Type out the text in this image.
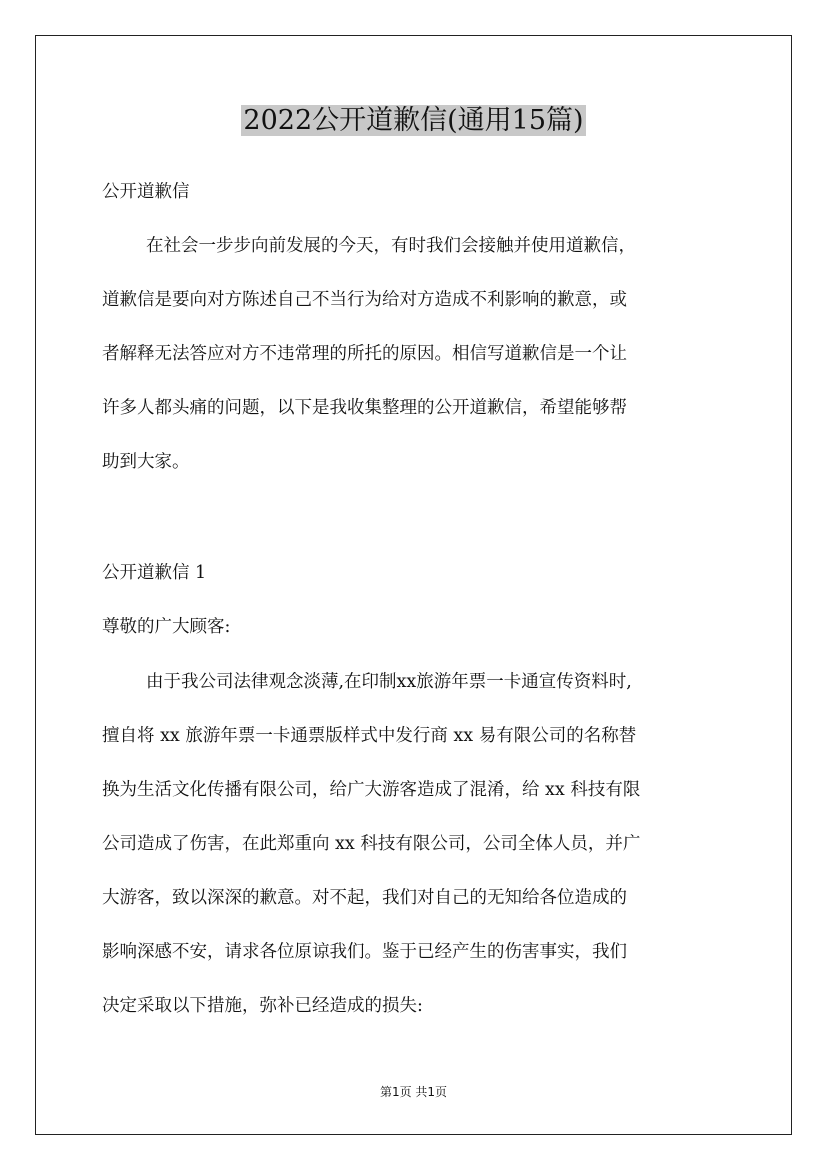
2022公开道歉信(通用15篇)
公开道歉信
在社会一步步向前发展的今天，有时我们会接触并使用道歉信，
道歉信是要向对方陈述自己不当行为给对方造成不利影响的歉意，或
者解释无法答应对方不违常理的所托的原因。相信写道歉信是一个让
许多人都头痛的问题，以下是我收集整理的公开道歉信，希望能够帮
助到大家。
公开道歉信 1
尊敬的广大顾客:
由于我公司法律观念淡薄,在印制xx旅游年票一卡通宣传资料时,
擅自将 xx 旅游年票一卡通票版样式中发行商 xx 易有限公司的名称替
换为生活文化传播有限公司，给广大游客造成了混淆，给 xx 科技有限
公司造成了伤害，在此郑重向 xx 科技有限公司，公司全体人员，并广
大游客，致以深深的歉意。对不起，我们对自己的无知给各位造成的
影响深感不安，请求各位原谅我们。鉴于已经产生的伤害事实，我们
决定采取以下措施，弥补已经造成的损失:
第1页 共1页
